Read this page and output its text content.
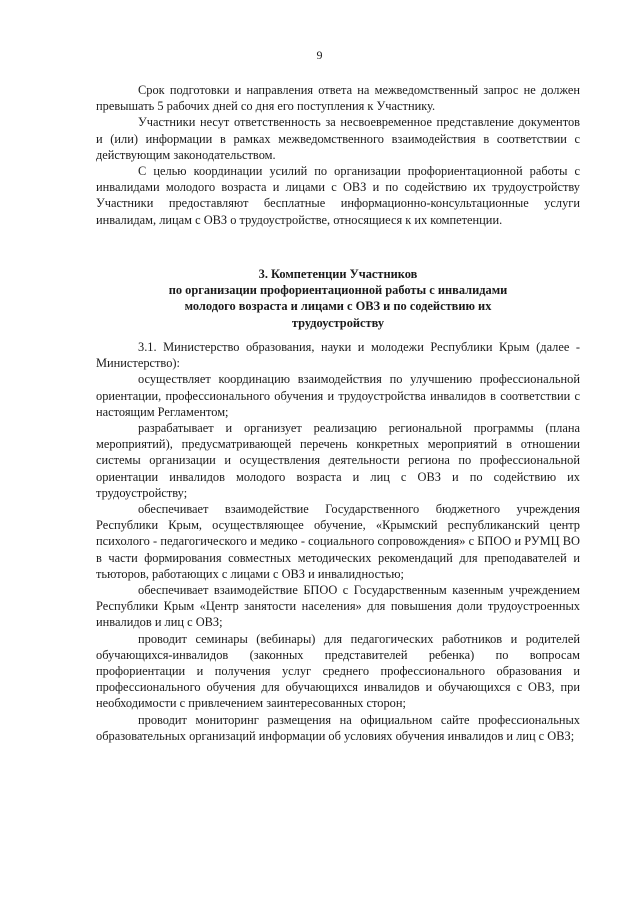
9

Срок подготовки и направления ответа на межведомственный запрос не должен превышать 5 рабочих дней со дня его поступления к Участнику.

Участники несут ответственность за несвоевременное представление документов и (или) информации в рамках межведомственного взаимодействия в соответствии с действующим законодательством.

С целью координации усилий по организации профориентационной работы с инвалидами молодого возраста и лицами с ОВЗ и по содействию их трудоустройству Участники предоставляют бесплатные информационно-консультационные услуги инвалидам, лицам с ОВЗ о трудоустройстве, относящиеся к их компетенции.

3. Компетенции Участников
по организации профориентационной работы с инвалидами
молодого возраста и лицами с ОВЗ и по содействию их
трудоустройству

3.1. Министерство образования, науки и молодежи Республики Крым (далее - Министерство):

осуществляет координацию взаимодействия по улучшению профессиональной ориентации, профессионального обучения и трудоустройства инвалидов в соответствии с настоящим Регламентом;

разрабатывает и организует реализацию региональной программы (плана мероприятий), предусматривающей перечень конкретных мероприятий в отношении системы организации и осуществления деятельности региона по профессиональной ориентации инвалидов молодого возраста и лиц с ОВЗ и по содействию их трудоустройству;

обеспечивает взаимодействие Государственного бюджетного учреждения Республики Крым, осуществляющее обучение, «Крымский республиканский центр психолого - педагогического и медико - социального сопровождения» с БПОО и РУМЦ ВО в части формирования совместных методических рекомендаций для преподавателей и тьюторов, работающих с лицами с ОВЗ и инвалидностью;

обеспечивает взаимодействие БПОО с Государственным казенным учреждением Республики Крым «Центр занятости населения» для повышения доли трудоустроенных инвалидов и лиц с ОВЗ;

проводит семинары (вебинары) для педагогических работников и родителей обучающихся-инвалидов (законных представителей ребенка) по вопросам профориентации и получения услуг среднего профессионального образования и профессионального обучения для обучающихся инвалидов и обучающихся с ОВЗ, при необходимости с привлечением заинтересованных сторон;

проводит мониторинг размещения на официальном сайте профессиональных образовательных организаций информации об условиях обучения инвалидов и лиц с ОВЗ;
